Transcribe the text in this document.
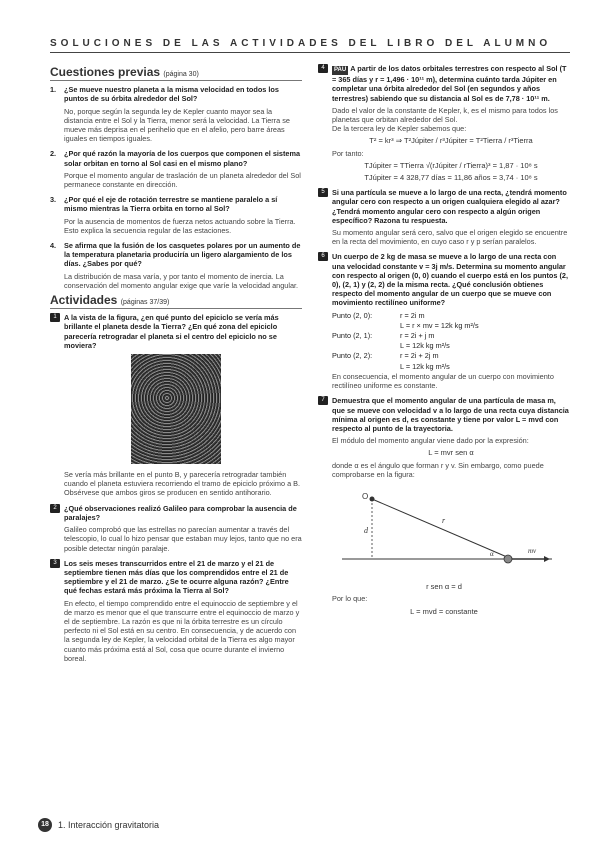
SOLUCIONES DE LAS ACTIVIDADES DEL LIBRO DEL ALUMNO
Cuestiones previas (página 30)
1.	¿Se mueve nuestro planeta a la misma velocidad en todos los puntos de su órbita alrededor del Sol?
No, porque según la segunda ley de Kepler cuanto mayor sea la distancia entre el Sol y la Tierra, menor será la velocidad. La Tierra se mueve más deprisa en el perihelio que en el afelio, pero barre áreas iguales en tiempos iguales.
2.	¿Por qué razón la mayoría de los cuerpos que componen el sistema solar orbitan en torno al Sol casi en el mismo plano?
Porque el momento angular de traslación de un planeta alrededor del Sol permanece constante en dirección.
3.	¿Por qué el eje de rotación terrestre se mantiene paralelo a sí mismo mientras la Tierra orbita en torno al Sol?
Por la ausencia de momentos de fuerza netos actuando sobre la Tierra. Esto explica la secuencia regular de las estaciones.
4.	Se afirma que la fusión de los casquetes polares por un aumento de la temperatura planetaria produciría un ligero alargamiento de los días. ¿Sabes por qué?
La distribución de masa varía, y por tanto el momento de inercia. La conservación del momento angular exige que varíe la velocidad angular.
Actividades (páginas 37/39)
1	A la vista de la figura, ¿en qué punto del epiciclo se vería más brillante el planeta desde la Tierra? ¿En qué zona del epiciclo parecería retrogradar el planeta si el centro del epiciclo no se moviera?
Se vería más brillante en el punto B, y parecería retrogradar también cuando el planeta estuviera recorriendo el tramo de epiciclo próximo a B. Obsérvese que ambos giros se producen en sentido antihorario.
2	¿Qué observaciones realizó Galileo para comprobar la ausencia de paralajes?
Galileo comprobó que las estrellas no parecían aumentar a través del telescopio, lo cual lo hizo pensar que estaban muy lejos, tanto que no era posible detectar ningún paralaje.
3	Los seis meses transcurridos entre el 21 de marzo y el 21 de septiembre tienen más días que los comprendidos entre el 21 de septiembre y el 21 de marzo. ¿Se te ocurre alguna razón? ¿Entre qué fechas estará más próxima la Tierra al Sol?
En efecto, el tiempo comprendido entre el equinoccio de septiembre y el de marzo es menor que el que transcurre entre el equinoccio de marzo y el de septiembre. La razón es que ni la órbita terrestre es un círculo perfecto ni el Sol está en su centro. En consecuencia, y de acuerdo con la segunda ley de Kepler, la velocidad orbital de la Tierra es algo mayor cuanto más próxima está al Sol, cosa que ocurre durante el invierno boreal.
4	PAU A partir de los datos orbitales terrestres con respecto al Sol (T = 365 días y r = 1,496 · 10¹¹ m), determina cuánto tarda Júpiter en completar una órbita alrededor del Sol (en segundos y años terrestres) sabiendo que su distancia al Sol es de 7,78 · 10¹¹ m.
Dado el valor de la constante de Kepler, k, es el mismo para todos los planetas que orbitan alrededor del Sol.
De la tercera ley de Kepler sabemos que:
T² = kr³ ⇒ T²Júpiter / r³Júpiter = T²Tierra / r³Tierra
Por tanto:
TJúpiter = TTierra √(rJúpiter / rTierra)³ = 1,87 · 10⁸ s
TJúpiter = 4 328,77 días = 11,86 años = 3,74 · 10⁸ s
5	Si una partícula se mueve a lo largo de una recta, ¿tendrá momento angular cero con respecto a un origen cualquiera elegido al azar? ¿Tendrá momento angular cero con respecto a algún origen específico? Razona tu respuesta.
Su momento angular será cero, salvo que el origen elegido se encuentre en la recta del movimiento, en cuyo caso r y p serían paralelos.
6	Un cuerpo de 2 kg de masa se mueve a lo largo de una recta con una velocidad constante v = 3j m/s. Determina su momento angular con respecto al origen (0, 0) cuando el cuerpo está en los puntos (2, 0), (2, 1) y (2, 2) de la misma recta. ¿Qué conclusión obtienes respecto del momento angular de un cuerpo que se mueve con movimiento rectilíneo uniforme?
Punto (2, 0):	r = 2i m
L = r × mv = 12k kg m²/s
Punto (2, 1):	r = 2i + j m
L = 12k kg m²/s
Punto (2, 2):	r = 2i + 2j m
L = 12k kg m²/s
En consecuencia, el momento angular de un cuerpo con movimiento rectilíneo uniforme es constante.
7	Demuestra que el momento angular de una partícula de masa m, que se mueve con velocidad v a lo largo de una recta cuya distancia mínima al origen es d, es constante y tiene por valor L = mvd con respecto al punto de la trayectoria.
El módulo del momento angular viene dado por la expresión:
L = mvr sen α
donde α es el ángulo que forman r y v. Sin embargo, como puede comprobarse en la figura:
O
r
d
α	mv
r sen α = d
Por lo que:
L = mvd = constante
18	1. Interacción gravitatoria
